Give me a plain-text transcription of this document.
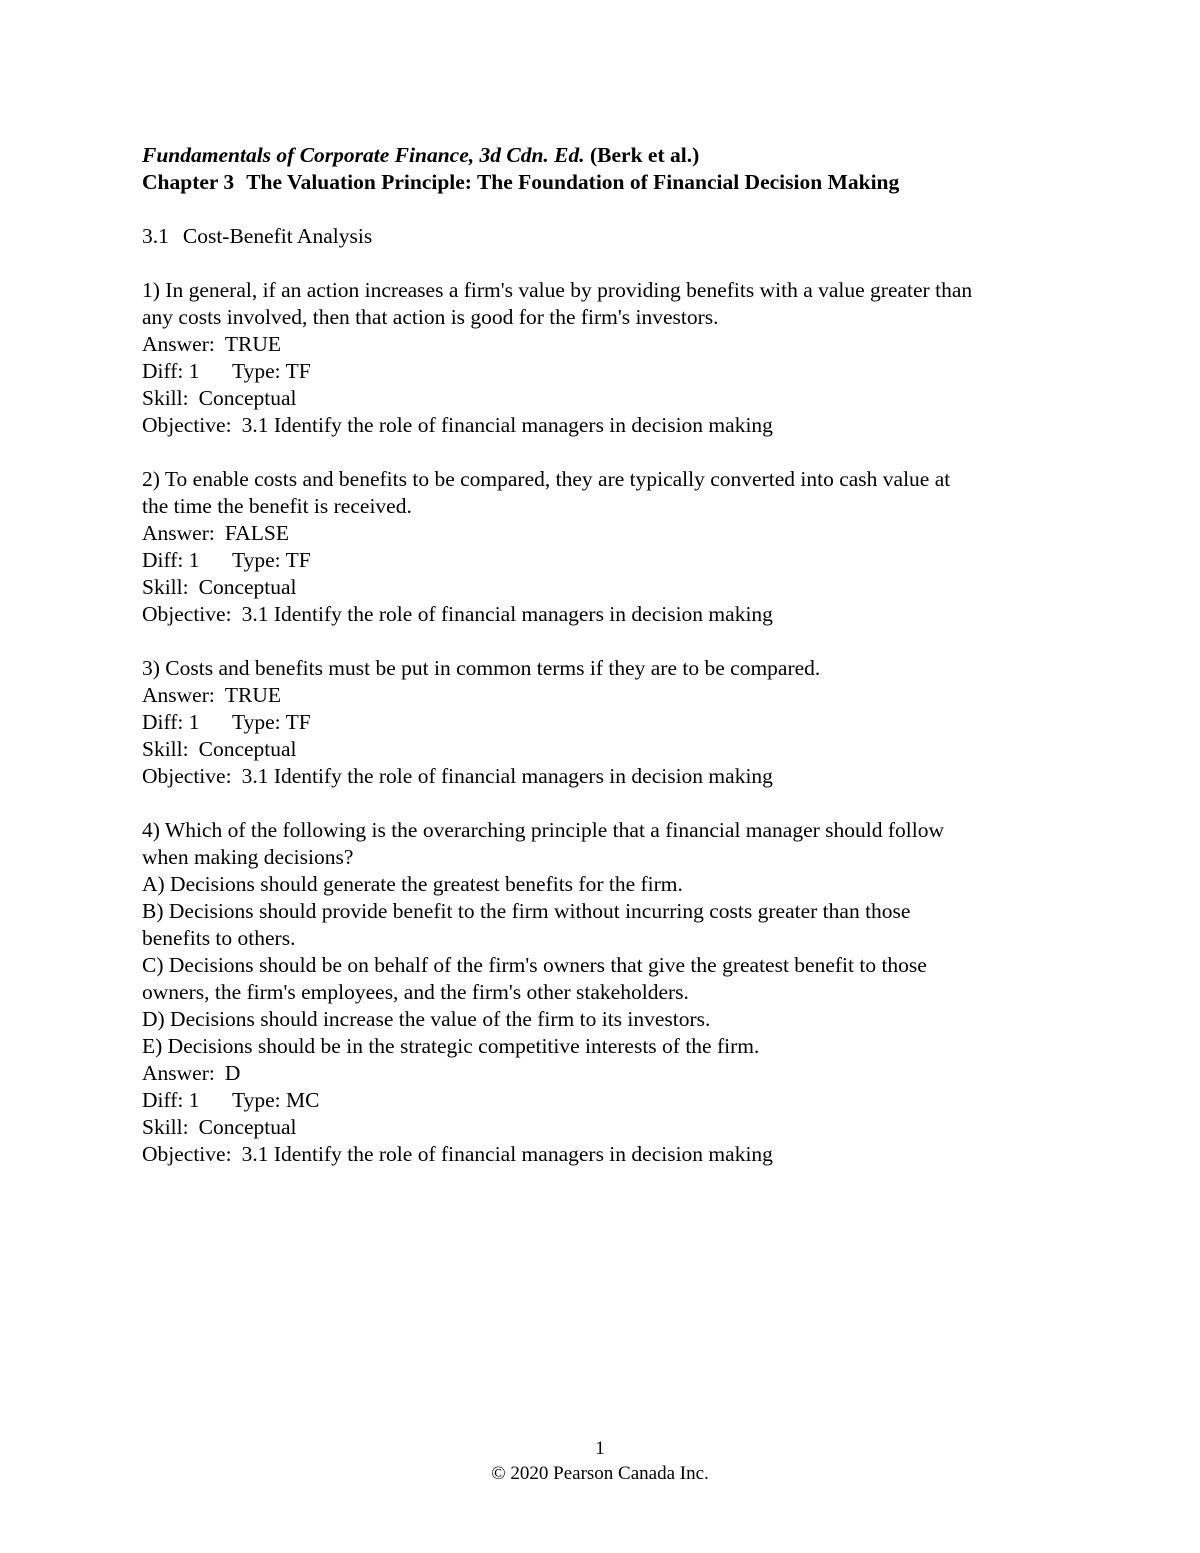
Fundamentals of Corporate Finance, 3d Cdn. Ed. (Berk et al.)
Chapter 3 The Valuation Principle: The Foundation of Financial Decision Making
3.1 Cost-Benefit Analysis
1) In general, if an action increases a firm's value by providing benefits with a value greater than
any costs involved, then that action is good for the firm's investors.
Answer: TRUE
Diff: 1 Type: TF
Skill: Conceptual
Objective: 3.1 Identify the role of financial managers in decision making
2) To enable costs and benefits to be compared, they are typically converted into cash value at
the time the benefit is received.
Answer: FALSE
Diff: 1 Type: TF
Skill: Conceptual
Objective: 3.1 Identify the role of financial managers in decision making
3) Costs and benefits must be put in common terms if they are to be compared.
Answer: TRUE
Diff: 1 Type: TF
Skill: Conceptual
Objective: 3.1 Identify the role of financial managers in decision making
4) Which of the following is the overarching principle that a financial manager should follow
when making decisions?
A) Decisions should generate the greatest benefits for the firm.
B) Decisions should provide benefit to the firm without incurring costs greater than those
benefits to others.
C) Decisions should be on behalf of the firm's owners that give the greatest benefit to those
owners, the firm's employees, and the firm's other stakeholders.
D) Decisions should increase the value of the firm to its investors.
E) Decisions should be in the strategic competitive interests of the firm.
Answer: D
Diff: 1 Type: MC
Skill: Conceptual
Objective: 3.1 Identify the role of financial managers in decision making
1
© 2020 Pearson Canada Inc.
